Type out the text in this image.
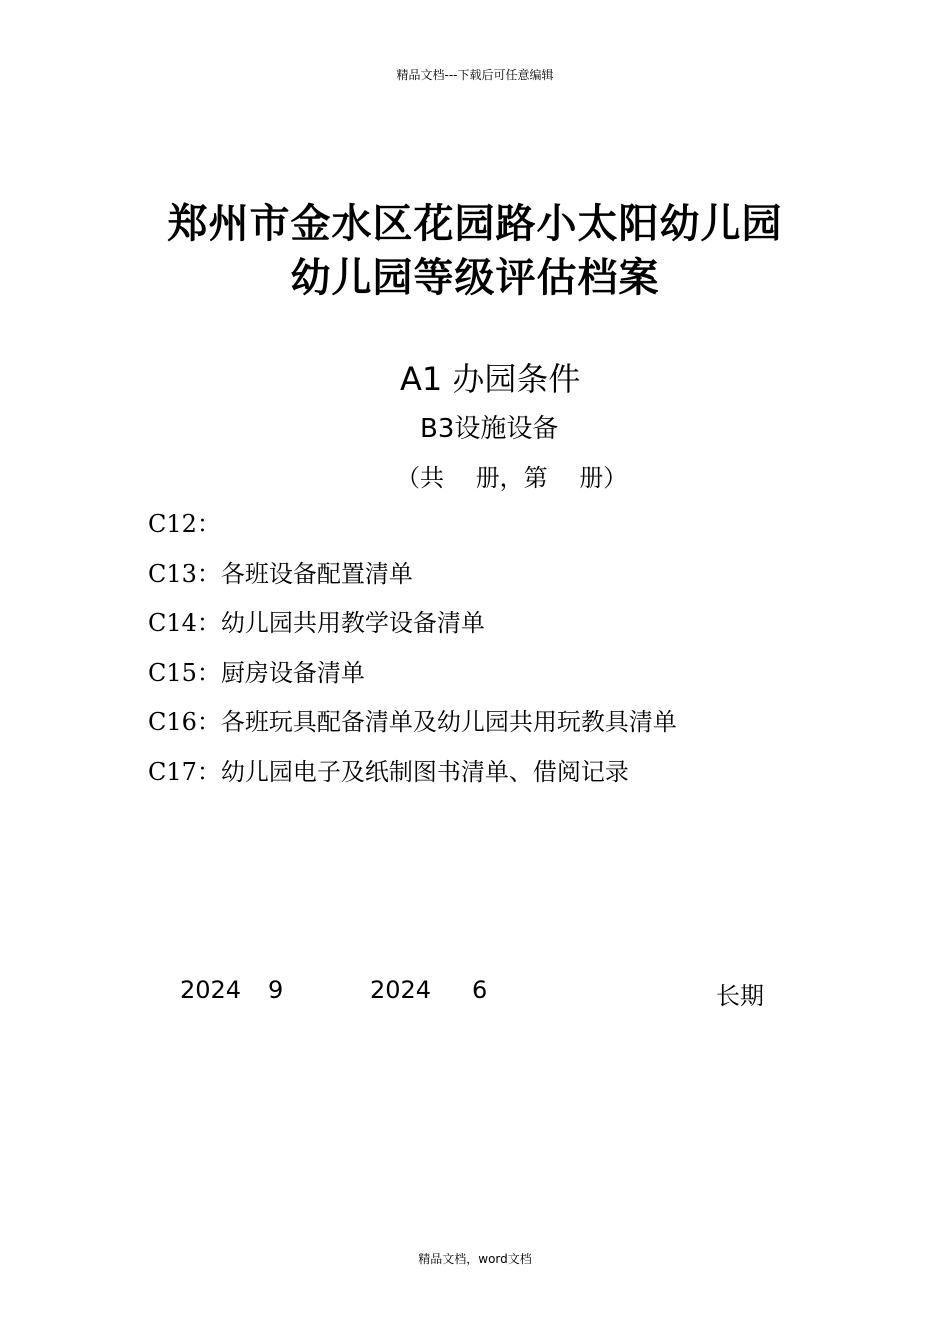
精品文档---下载后可任意编辑
郑州市金水区花园路小太阳幼儿园
幼儿园等级评估档案
A1 办园条件
B3设施设备
（共　 册，第　 册）
C12：
C13：各班设备配置清单
C14：幼儿园共用教学设备清单
C15：厨房设备清单
C16：各班玩具配备清单及幼儿园共用玩教具清单
C17：幼儿园电子及纸制图书清单、借阅记录
2024 9	2024 6	长期
精品文档，word文档
